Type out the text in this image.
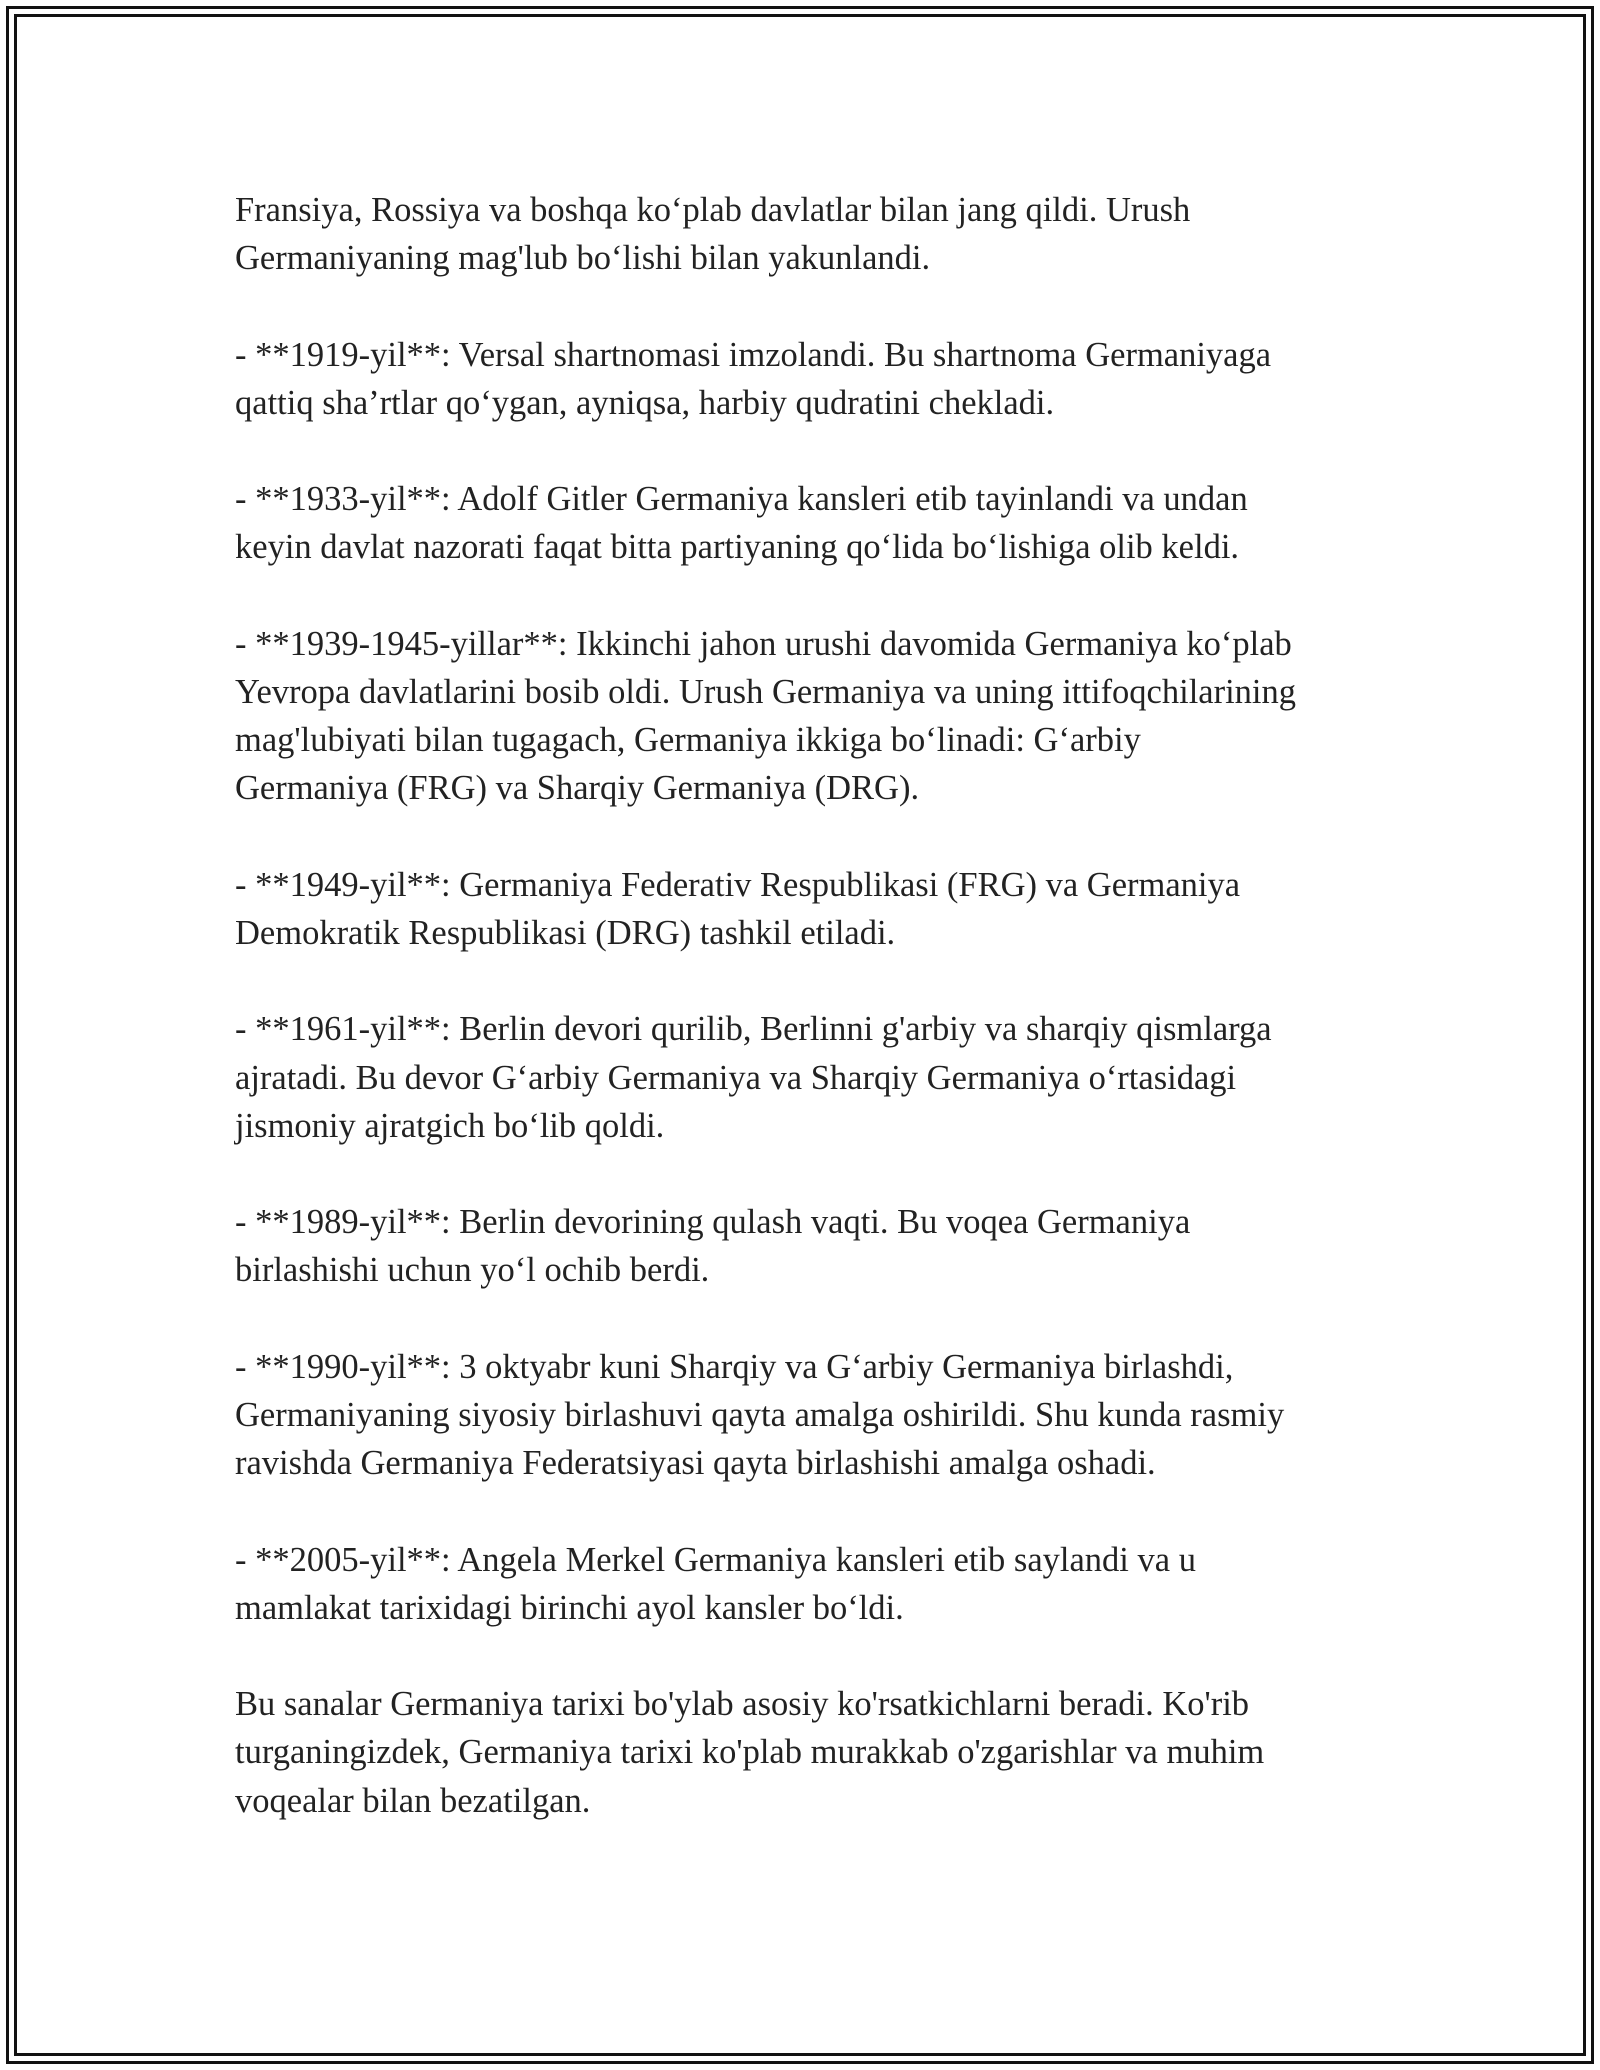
Fransiya, Rossiya va boshqa ko‘plab davlatlar bilan jang qildi. Urush
Germaniyaning mag'lub bo‘lishi bilan yakunlandi.

- **1919-yil**: Versal shartnomasi imzolandi. Bu shartnoma Germaniyaga
qattiq sha’rtlar qo‘ygan, ayniqsa, harbiy qudratini chekladi.

- **1933-yil**: Adolf Gitler Germaniya kansleri etib tayinlandi va undan
keyin davlat nazorati faqat bitta partiyaning qo‘lida bo‘lishiga olib keldi.

- **1939-1945-yillar**: Ikkinchi jahon urushi davomida Germaniya ko‘plab
Yevropa davlatlarini bosib oldi. Urush Germaniya va uning ittifoqchilarining
mag'lubiyati bilan tugagach, Germaniya ikkiga bo‘linadi: G‘arbiy
Germaniya (FRG) va Sharqiy Germaniya (DRG).

- **1949-yil**: Germaniya Federativ Respublikasi (FRG) va Germaniya
Demokratik Respublikasi (DRG) tashkil etiladi.

- **1961-yil**: Berlin devori qurilib, Berlinni g'arbiy va sharqiy qismlarga
ajratadi. Bu devor G‘arbiy Germaniya va Sharqiy Germaniya o‘rtasidagi
jismoniy ajratgich bo‘lib qoldi.

- **1989-yil**: Berlin devorining qulash vaqti. Bu voqea Germaniya
birlashishi uchun yo‘l ochib berdi.

- **1990-yil**: 3 oktyabr kuni Sharqiy va G‘arbiy Germaniya birlashdi,
Germaniyaning siyosiy birlashuvi qayta amalga oshirildi. Shu kunda rasmiy
ravishda Germaniya Federatsiyasi qayta birlashishi amalga oshadi.

- **2005-yil**: Angela Merkel Germaniya kansleri etib saylandi va u
mamlakat tarixidagi birinchi ayol kansler bo‘ldi.

Bu sanalar Germaniya tarixi bo'ylab asosiy ko'rsatkichlarni beradi. Ko'rib
turganingizdek, Germaniya tarixi ko'plab murakkab o'zgarishlar va muhim
voqealar bilan bezatilgan.
